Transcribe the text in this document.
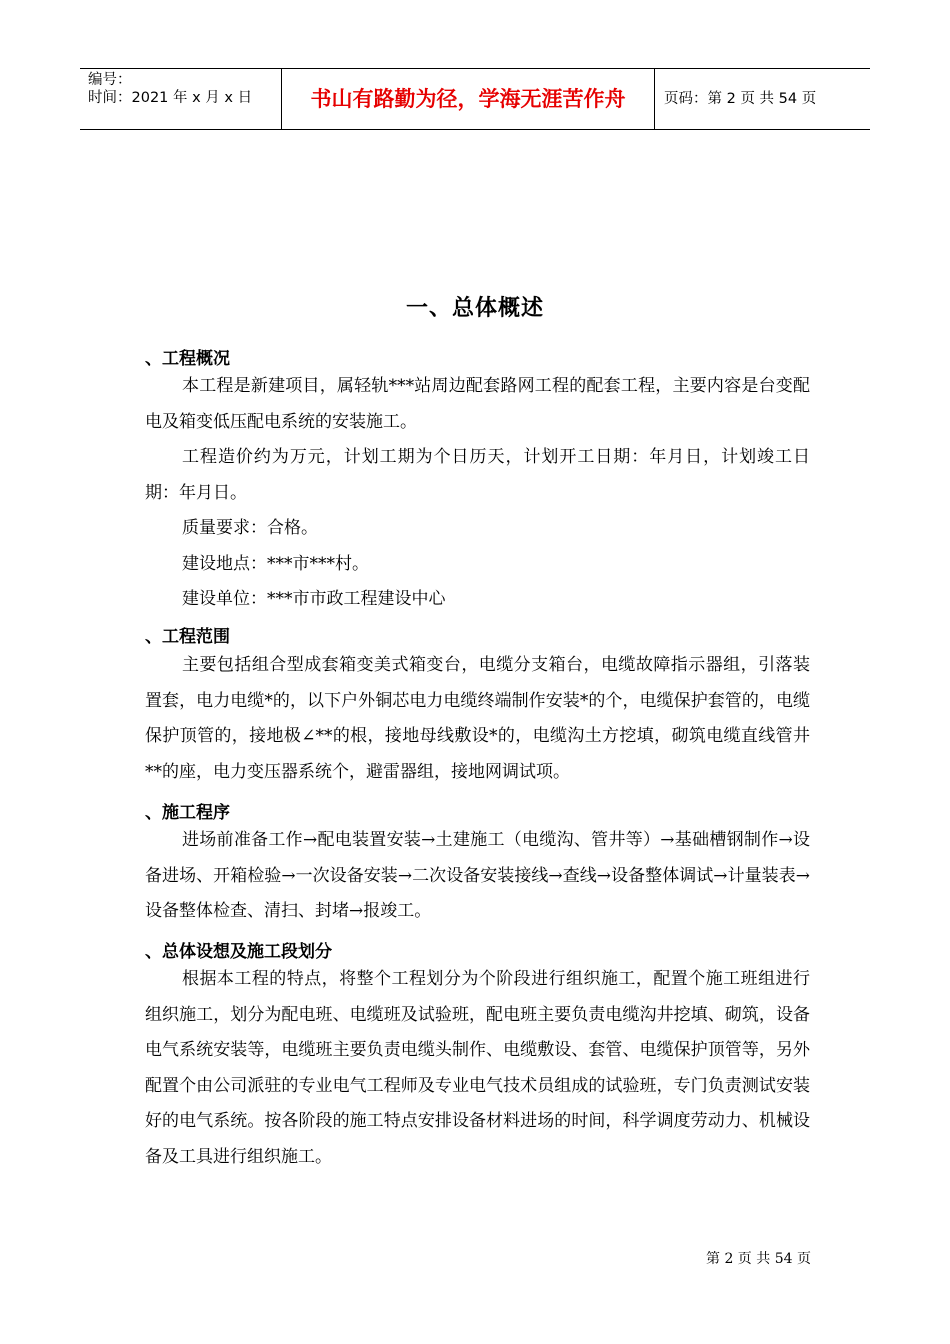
编号：
时间：2021 年 x 月 x 日	书山有路勤为径，学海无涯苦作舟	页码：第 2 页 共 54 页
一、总体概述
、工程概况
本工程是新建项目，属轻轨***站周边配套路网工程的配套工程，主要内容是台变配电及箱变低压配电系统的安装施工。
工程造价约为万元，计划工期为个日历天，计划开工日期：年月日，计划竣工日期：年月日。
质量要求：合格。
建设地点：***市***村。
建设单位：***市市政工程建设中心
、工程范围
主要包括组合型成套箱变美式箱变台，电缆分支箱台，电缆故障指示器组，引落装置套，电力电缆*的，以下户外铜芯电力电缆终端制作安装*的个，电缆保护套管的，电缆保护顶管的，接地极∠**的根，接地母线敷设*的，电缆沟土方挖填，砌筑电缆直线管井**的座，电力变压器系统个，避雷器组，接地网调试项。
、施工程序
进场前准备工作→配电装置安装→土建施工（电缆沟、管井等）→基础槽钢制作→设备进场、开箱检验→一次设备安装→二次设备安装接线→查线→设备整体调试→计量装表→设备整体检查、清扫、封堵→报竣工。
、总体设想及施工段划分
根据本工程的特点，将整个工程划分为个阶段进行组织施工，配置个施工班组进行组织施工，划分为配电班、电缆班及试验班，配电班主要负责电缆沟井挖填、砌筑，设备电气系统安装等，电缆班主要负责电缆头制作、电缆敷设、套管、电缆保护顶管等，另外配置个由公司派驻的专业电气工程师及专业电气技术员组成的试验班，专门负责测试安装好的电气系统。按各阶段的施工特点安排设备材料进场的时间，科学调度劳动力、机械设备及工具进行组织施工。
第 2 页 共 54 页
